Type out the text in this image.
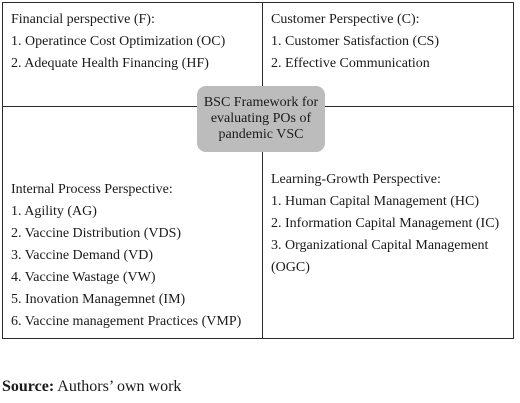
Financial perspective (F):
1. Operatince Cost Optimization (OC)
2. Adequate Health Financing (HF)
Customer Perspective (C):
1. Customer Satisfaction (CS)
2. Effective Communication
Internal Process Perspective:
1. Agility (AG)
2. Vaccine Distribution (VDS)
3. Vaccine Demand (VD)
4. Vaccine Wastage (VW)
5. Inovation Managemnet (IM)
6. Vaccine management Practices (VMP)
Learning-Growth Perspective:
1. Human Capital Management (HC)
2. Information Capital Management (IC)
3. Organizational Capital Management (OGC)
BSC Framework for evaluating POs of pandemic VSC
Source: Authors’ own work
